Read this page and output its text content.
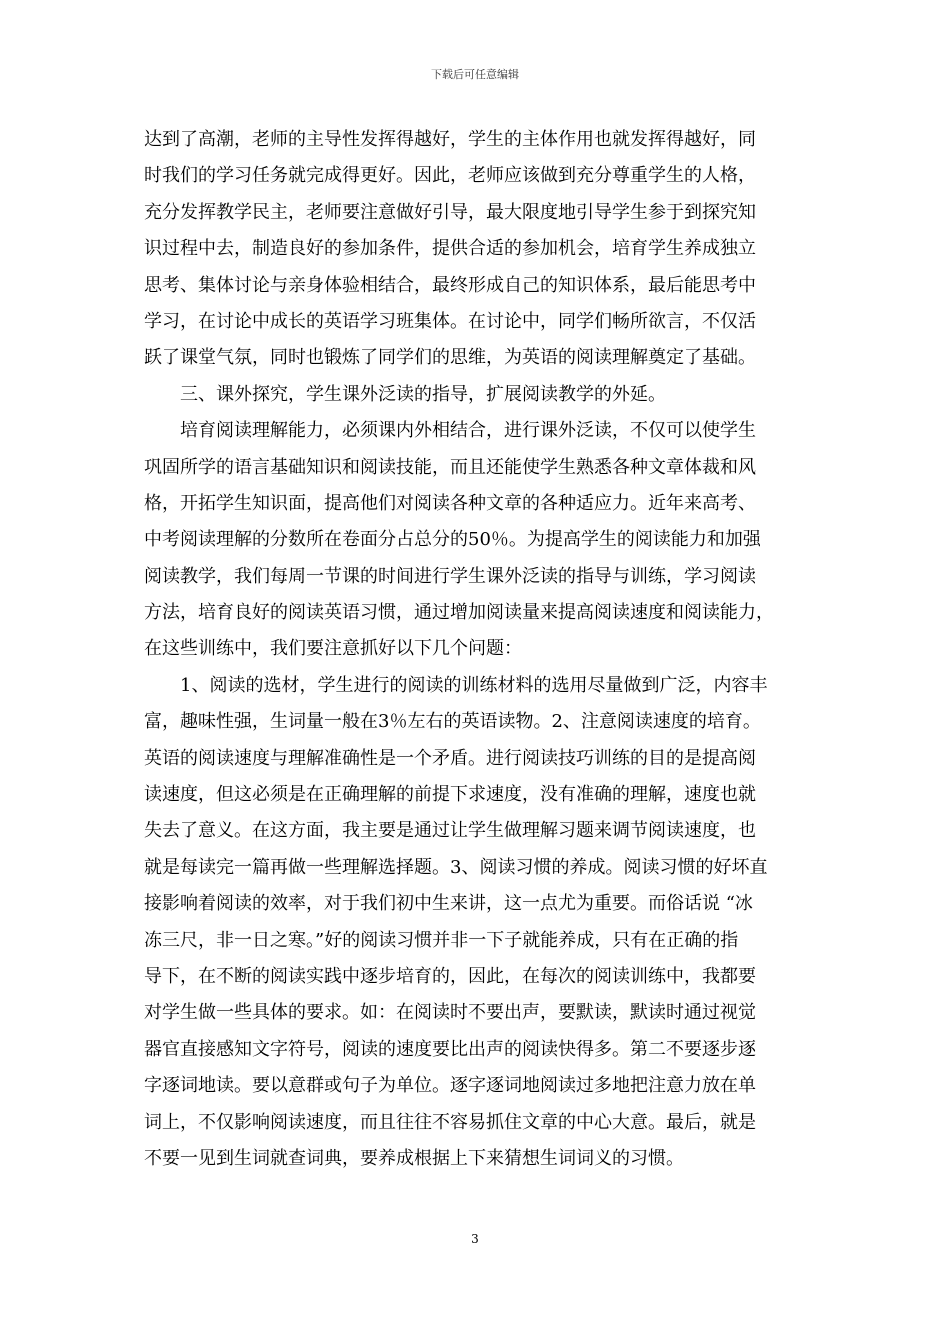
下载后可任意编辑
达到了高潮，老师的主导性发挥得越好，学生的主体作用也就发挥得越好，同
时我们的学习任务就完成得更好。因此，老师应该做到充分尊重学生的人格，
充分发挥教学民主，老师要注意做好引导，最大限度地引导学生参于到探究知
识过程中去，制造良好的参加条件，提供合适的参加机会，培育学生养成独立
思考、集体讨论与亲身体验相结合，最终形成自己的知识体系，最后能思考中
学习，在讨论中成长的英语学习班集体。在讨论中，同学们畅所欲言，不仅活
跃了课堂气氛，同时也锻炼了同学们的思维，为英语的阅读理解奠定了基础。
三、课外探究，学生课外泛读的指导，扩展阅读教学的外延。
培育阅读理解能力，必须课内外相结合，进行课外泛读，不仅可以使学生
巩固所学的语言基础知识和阅读技能，而且还能使学生熟悉各种文章体裁和风
格，开拓学生知识面，提高他们对阅读各种文章的各种适应力。近年来高考、
中考阅读理解的分数所在卷面分占总分的50％。为提高学生的阅读能力和加强
阅读教学，我们每周一节课的时间进行学生课外泛读的指导与训练，学习阅读
方法，培育良好的阅读英语习惯，通过增加阅读量来提高阅读速度和阅读能力，
在这些训练中，我们要注意抓好以下几个问题：
1、阅读的选材，学生进行的阅读的训练材料的选用尽量做到广泛，内容丰
富，趣味性强，生词量一般在3％左右的英语读物。2、注意阅读速度的培育。
英语的阅读速度与理解准确性是一个矛盾。进行阅读技巧训练的目的是提高阅
读速度，但这必须是在正确理解的前提下求速度，没有准确的理解，速度也就
失去了意义。在这方面，我主要是通过让学生做理解习题来调节阅读速度，也
就是每读完一篇再做一些理解选择题。3、阅读习惯的养成。阅读习惯的好坏直
接影响着阅读的效率，对于我们初中生来讲，这一点尤为重要。而俗话说 “冰
冻三尺，非一日之寒。”好的阅读习惯并非一下子就能养成，只有在正确的指
导下，在不断的阅读实践中逐步培育的，因此，在每次的阅读训练中，我都要
对学生做一些具体的要求。如：在阅读时不要出声，要默读，默读时通过视觉
器官直接感知文字符号，阅读的速度要比出声的阅读快得多。第二不要逐步逐
字逐词地读。要以意群或句子为单位。逐字逐词地阅读过多地把注意力放在单
词上，不仅影响阅读速度，而且往往不容易抓住文章的中心大意。最后，就是
不要一见到生词就查词典，要养成根据上下来猜想生词词义的习惯。
3
